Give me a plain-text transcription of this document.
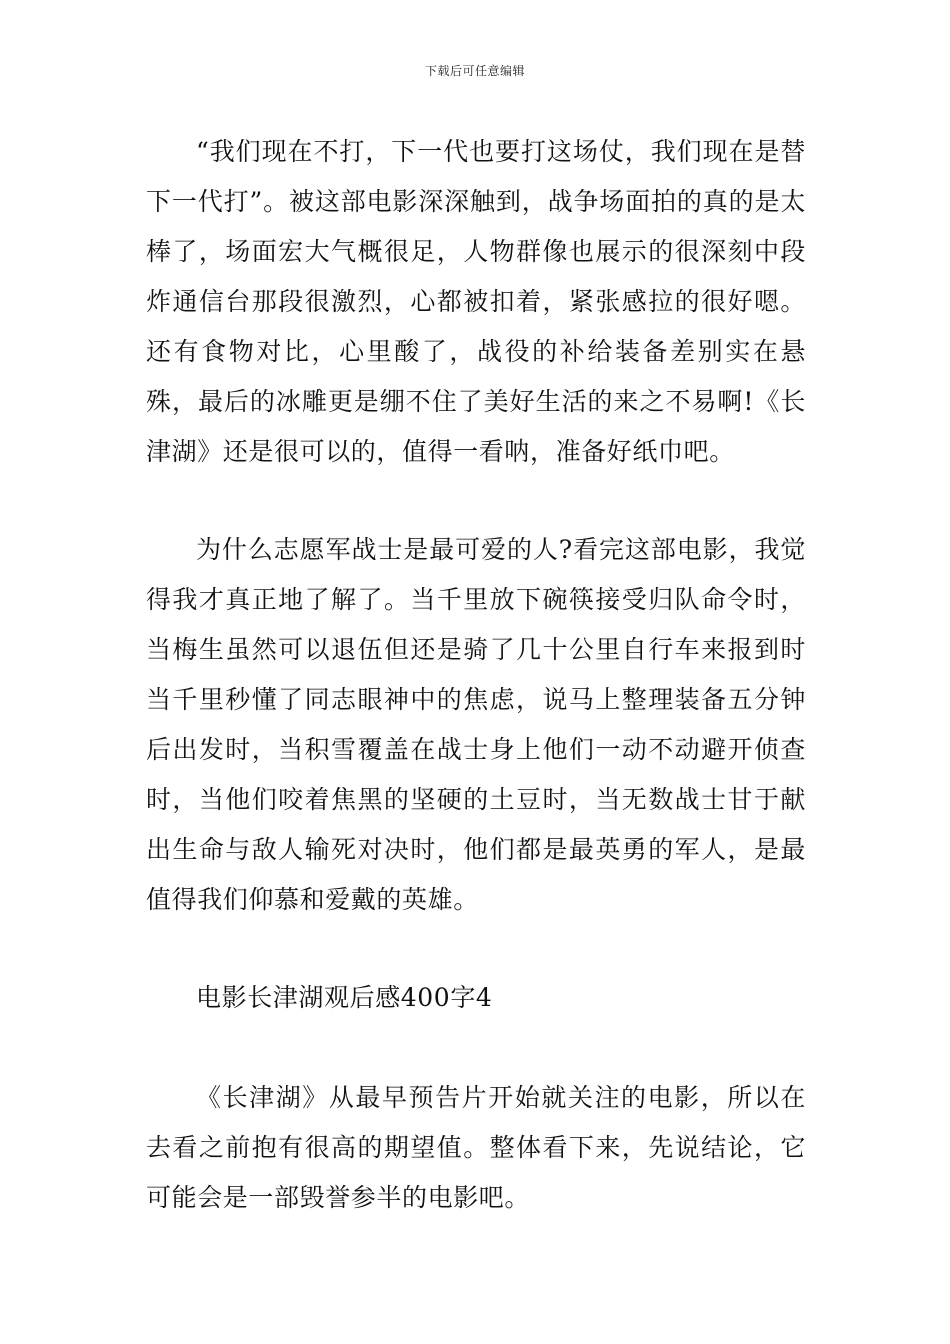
下载后可任意编辑

“我们现在不打，下一代也要打这场仗，我们现在是替下一代打”。被这部电影深深触到，战争场面拍的真的是太棒了，场面宏大气概很足，人物群像也展示的很深刻中段炸通信台那段很激烈，心都被扣着，紧张感拉的很好嗯。还有食物对比，心里酸了，战役的补给装备差别实在悬殊，最后的冰雕更是绷不住了美好生活的来之不易啊!《长津湖》还是很可以的，值得一看呐，准备好纸巾吧。

为什么志愿军战士是最可爱的人?看完这部电影，我觉得我才真正地了解了。当千里放下碗筷接受归队命令时，当梅生虽然可以退伍但还是骑了几十公里自行车来报到时当千里秒懂了同志眼神中的焦虑，说马上整理装备五分钟后出发时，当积雪覆盖在战士身上他们一动不动避开侦查时，当他们咬着焦黑的坚硬的土豆时，当无数战士甘于献出生命与敌人输死对决时，他们都是最英勇的军人，是最值得我们仰慕和爱戴的英雄。

电影长津湖观后感400字4

《长津湖》从最早预告片开始就关注的电影，所以在去看之前抱有很高的期望值。整体看下来，先说结论，它可能会是一部毁誉参半的电影吧。
